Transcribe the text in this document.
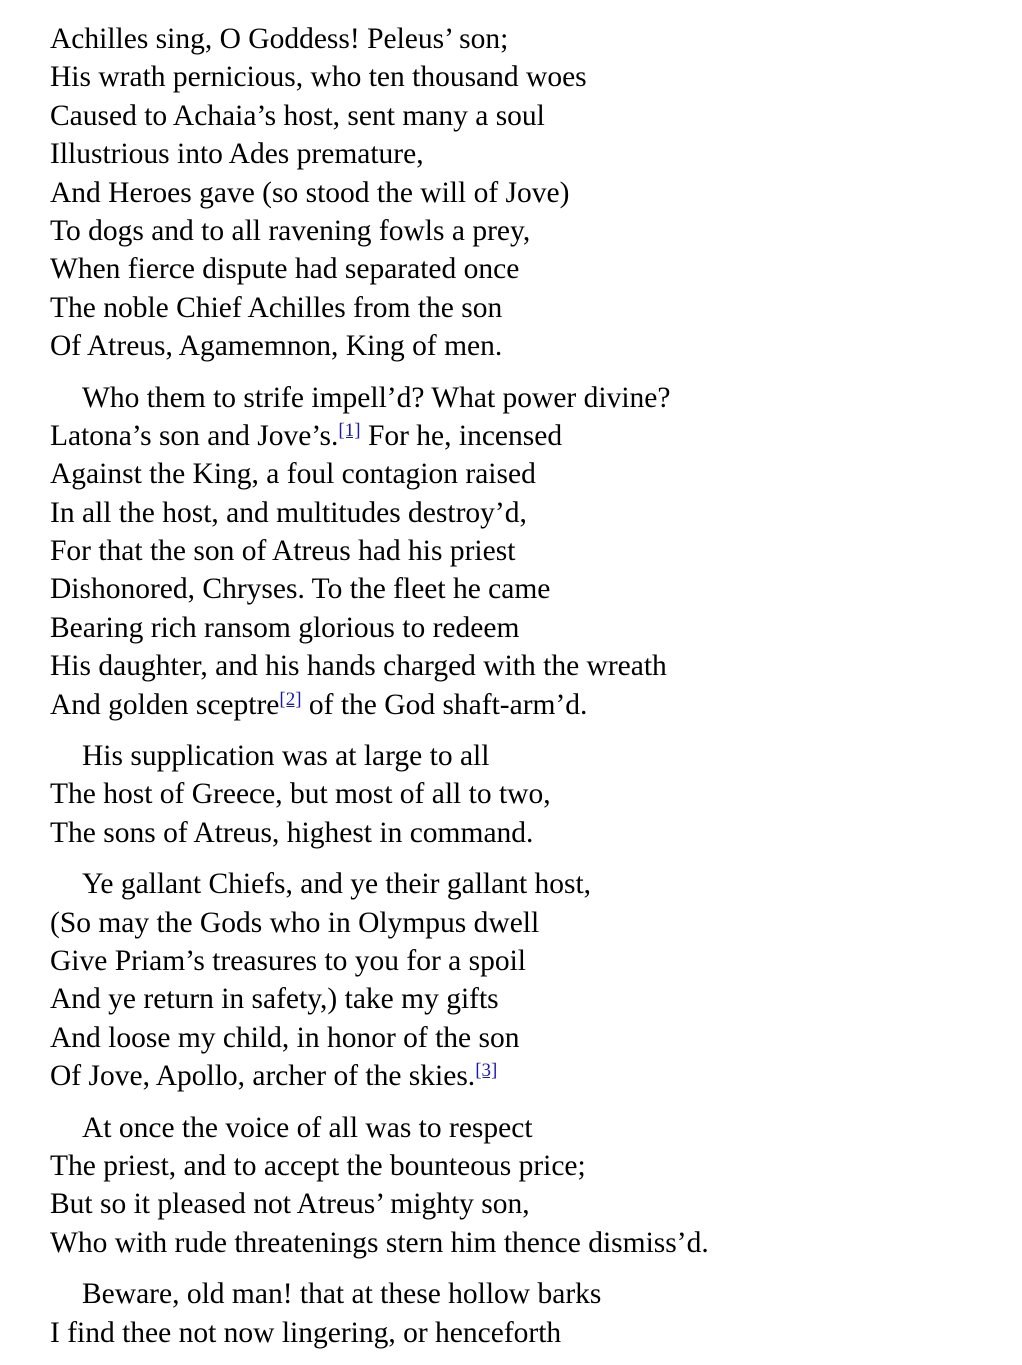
Achilles sing, O Goddess! Peleus’ son;
His wrath pernicious, who ten thousand woes
Caused to Achaia’s host, sent many a soul
Illustrious into Ades premature,
And Heroes gave (so stood the will of Jove)
To dogs and to all ravening fowls a prey,
When fierce dispute had separated once
The noble Chief Achilles from the son
Of Atreus, Agamemnon, King of men.
Who them to strife impell’d? What power divine?
Latona’s son and Jove’s.[1] For he, incensed
Against the King, a foul contagion raised
In all the host, and multitudes destroy’d,
For that the son of Atreus had his priest
Dishonored, Chryses. To the fleet he came
Bearing rich ransom glorious to redeem
His daughter, and his hands charged with the wreath
And golden sceptre[2] of the God shaft-arm’d.
His supplication was at large to all
The host of Greece, but most of all to two,
The sons of Atreus, highest in command.
Ye gallant Chiefs, and ye their gallant host,
(So may the Gods who in Olympus dwell
Give Priam’s treasures to you for a spoil
And ye return in safety,) take my gifts
And loose my child, in honor of the son
Of Jove, Apollo, archer of the skies.[3]
At once the voice of all was to respect
The priest, and to accept the bounteous price;
But so it pleased not Atreus’ mighty son,
Who with rude threatenings stern him thence dismiss’d.
Beware, old man! that at these hollow barks
I find thee not now lingering, or henceforth
